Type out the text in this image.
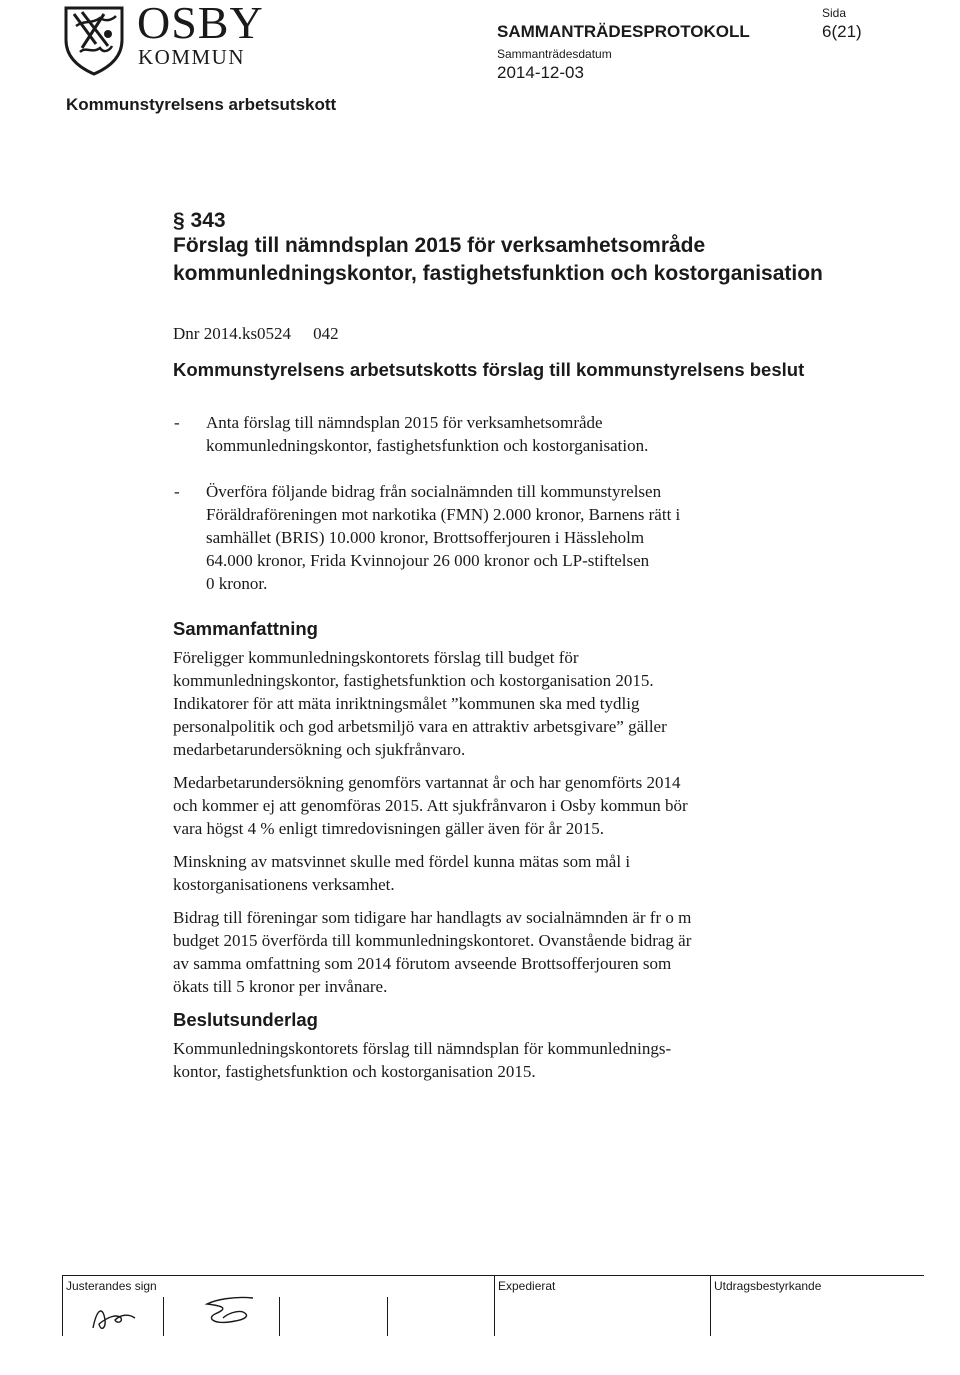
OSBY
KOMMUN
SAMMANTRÄDESPROTOKOLL
Sammanträdesdatum
2014-12-03
Sida
6(21)
Kommunstyrelsens arbetsutskott
§ 343
Förslag till nämndsplan 2015 för verksamhetsområde kommunledningskontor, fastighetsfunktion och kostorganisation
Dnr 2014.ks0524 042
Kommunstyrelsens arbetsutskotts förslag till kommunstyrelsens beslut
- Anta förslag till nämndsplan 2015 för verksamhetsområde
kommunledningskontor, fastighetsfunktion och kostorganisation.
- Överföra följande bidrag från socialnämnden till kommunstyrelsen
Föräldraföreningen mot narkotika (FMN) 2.000 kronor, Barnens rätt i
samhället (BRIS) 10.000 kronor, Brottsofferjouren i Hässleholm
64.000 kronor, Frida Kvinnojour 26 000 kronor och LP-stiftelsen
0 kronor.
Sammanfattning

Föreligger kommunledningskontorets förslag till budget för
kommunledningskontor, fastighetsfunktion och kostorganisation 2015.
Indikatorer för att mäta inriktningsmålet ”kommunen ska med tydlig
personalpolitik och god arbetsmiljö vara en attraktiv arbetsgivare” gäller
medarbetarundersökning och sjukfrånvaro.

Medarbetarundersökning genomförs vartannat år och har genomförts 2014
och kommer ej att genomföras 2015. Att sjukfrånvaron i Osby kommun bör
vara högst 4 % enligt timredovisningen gäller även för år 2015.

Minskning av matsvinnet skulle med fördel kunna mätas som mål i
kostorganisationens verksamhet.

Bidrag till föreningar som tidigare har handlagts av socialnämnden är fr o m
budget 2015 överförda till kommunledningskontoret. Ovanstående bidrag är
av samma omfattning som 2014 förutom avseende Brottsofferjouren som
ökats till 5 kronor per invånare.

Beslutsunderlag

Kommunledningskontorets förslag till nämndsplan för kommunlednings-
kontor, fastighetsfunktion och kostorganisation 2015.

Justerandes sign	Expedierat	Utdragsbestyrkande
